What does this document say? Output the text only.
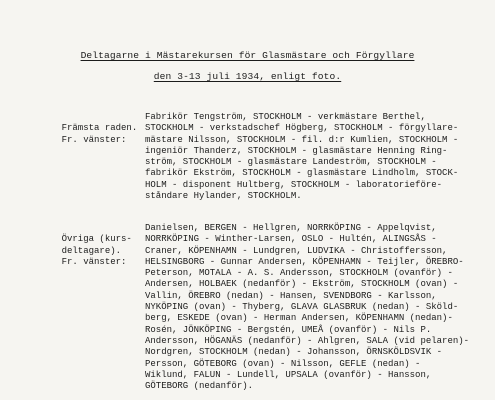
Deltagarne i Mästarekursen för Glasmästare och Förgyllare
den 3-13 juli 1934, enligt foto.

Främsta raden.
Fr. vänster:

Fabrikör Tengström, STOCKHOLM - verkmästare Berthel,
STOCKHOLM - verkstadschef Högberg, STOCKHOLM - förgyllare-
mästare Nilsson, STOCKHOLM - fil. d:r Kumlien, STOCKHOLM -
ingeniör Thanderz, STOCKHOLM - glasmästare Henning Ring-
ström, STOCKHOLM - glasmästare Landeström, STOCKHOLM -
fabrikör Ekström, STOCKHOLM - glasmästare Lindholm, STOCK-
HOLM - disponent Hultberg, STOCKHOLM - laboratorieföre-
ståndare Hylander, STOCKHOLM.

Övriga (kurs-
deltagare).
Fr. vänster:

Danielsen, BERGEN - Hellgren, NORRKÖPING - Appelqvist,
NORRKÖPING - Winther-Larsen, OSLO - Hultén, ALINGSÅS -
Craner, KÖPENHAMN - Lundgren, LUDVIKA - Christoffersson,
HELSINGBORG - Gunnar Andersen, KÖPENHAMN - Teijler, ÖREBRO-
Peterson, MOTALA - A. S. Andersson, STOCKHOLM (ovanför) -
Andersen, HOLBAEK (nedanför) - Ekström, STOCKHOLM (ovan) -
Vallin, ÖREBRO (nedan) - Hansen, SVENDBORG - Karlsson,
NYKÖPING (ovan) - Thyberg, GLAVA GLASBRUK (nedan) - Sköld-
berg, ESKEDE (ovan) - Herman Andersen, KÖPENHAMN (nedan)-
Rosén, JÖNKÖPING - Bergstén, UMEÅ (ovanför) - Nils P.
Andersson, HÖGANÄS (nedanför) - Ahlgren, SALA (vid pelaren)-
Nordgren, STOCKHOLM (nedan) - Johansson, ÖRNSKÖLDSVIK -
Persson, GÖTEBORG (ovan) - Nilsson, GEFLE (nedan) -
Wiklund, FALUN - Lundell, UPSALA (ovanför) - Hansson,
GÖTEBORG (nedanför).
